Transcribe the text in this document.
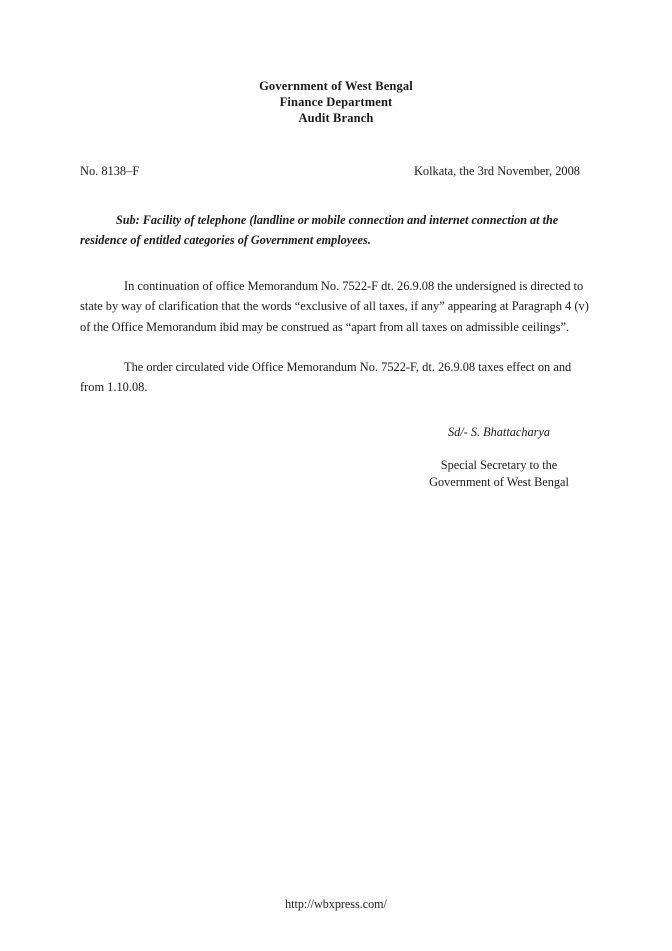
Government of West Bengal
Finance Department
Audit Branch
No. 8138–F	Kolkata, the 3rd November, 2008
Sub: Facility of telephone (landline or mobile connection and internet connection at the residence of entitled categories of Government employees.

In continuation of office Memorandum No. 7522-F dt. 26.9.08 the undersigned is directed to state by way of clarification that the words “exclusive of all taxes, if any” appearing at Paragraph 4 (v) of the Office Memorandum ibid may be construed as “apart from all taxes on admissible ceilings”.

The order circulated vide Office Memorandum No. 7522-F, dt. 26.9.08 taxes effect on and from 1.10.08.

Sd/- S. Bhattacharya
Special Secretary to the
Government of West Bengal
http://wbxpress.com/
